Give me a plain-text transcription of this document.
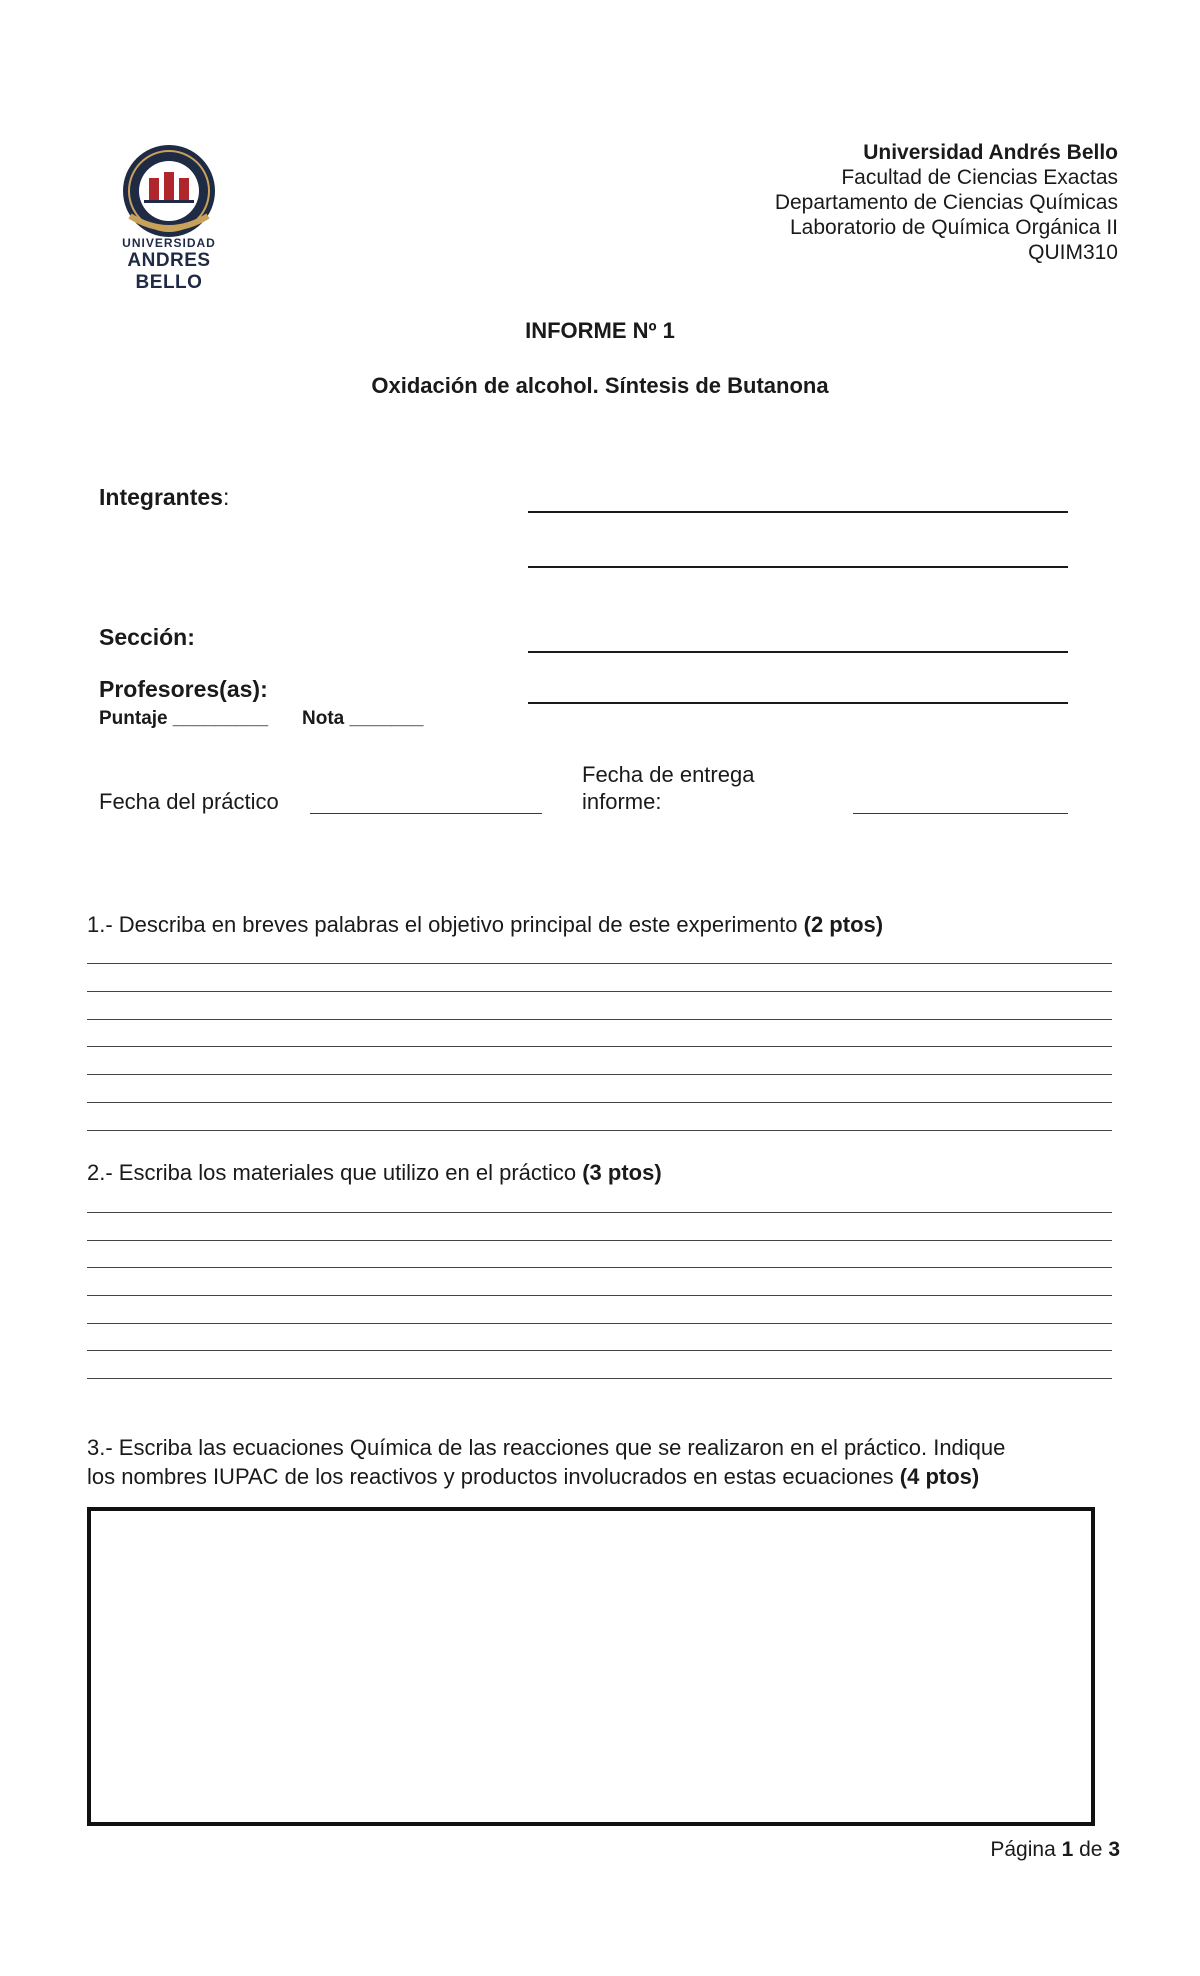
UNIVERSIDAD
ANDRES BELLO
Universidad Andrés Bello
Facultad de Ciencias Exactas
Departamento de Ciencias Químicas
Laboratorio de Química Orgánica II
QUIM310
INFORME Nº 1
Oxidación de alcohol. Síntesis de Butanona
Integrantes:
Sección:
Profesores(as):
Puntaje _________ Nota _______
Fecha del práctico
Fecha de entrega
informe:
1.- Describa en breves palabras el objetivo principal de este experimento (2 ptos)
2.- Escriba los materiales que utilizo en el práctico (3 ptos)
3.- Escriba las ecuaciones Química de las reacciones que se realizaron en el práctico. Indique
los nombres IUPAC de los reactivos y productos involucrados en estas ecuaciones (4 ptos)
Página 1 de 3
